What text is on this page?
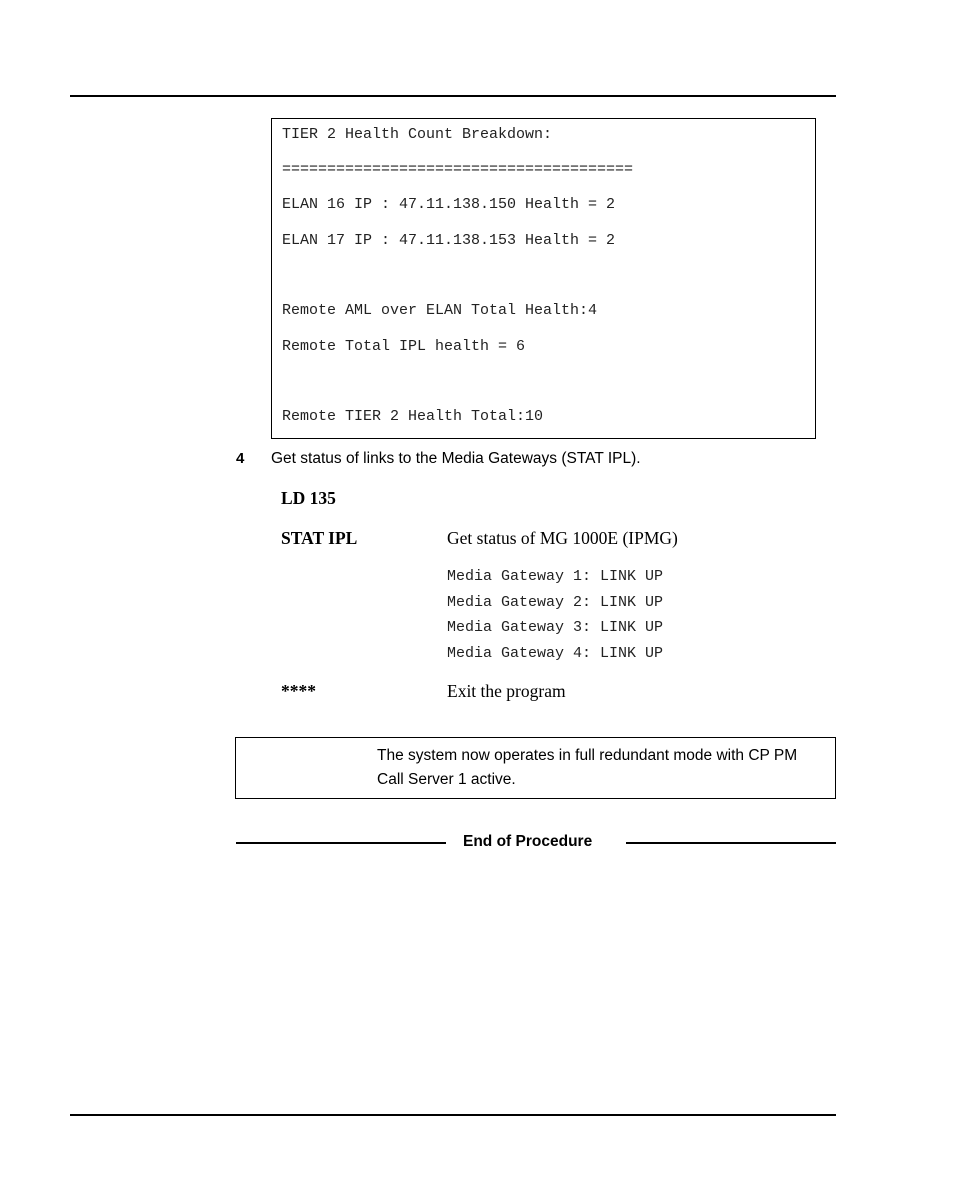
TIER 2 Health Count Breakdown:
=======================================
ELAN 16 IP : 47.11.138.150 Health = 2
ELAN 17 IP : 47.11.138.153 Health = 2
Remote AML over ELAN Total Health:4
Remote Total IPL health = 6
Remote TIER 2 Health Total:10
4 Get status of links to the Media Gateways (STAT IPL).
LD 135
STAT IPL	Get status of MG 1000E (IPMG)
Media Gateway 1: LINK UP
Media Gateway 2: LINK UP
Media Gateway 3: LINK UP
Media Gateway 4: LINK UP
****	Exit the program
The system now operates in full redundant mode with CP PM Call Server 1 active.
End of Procedure
